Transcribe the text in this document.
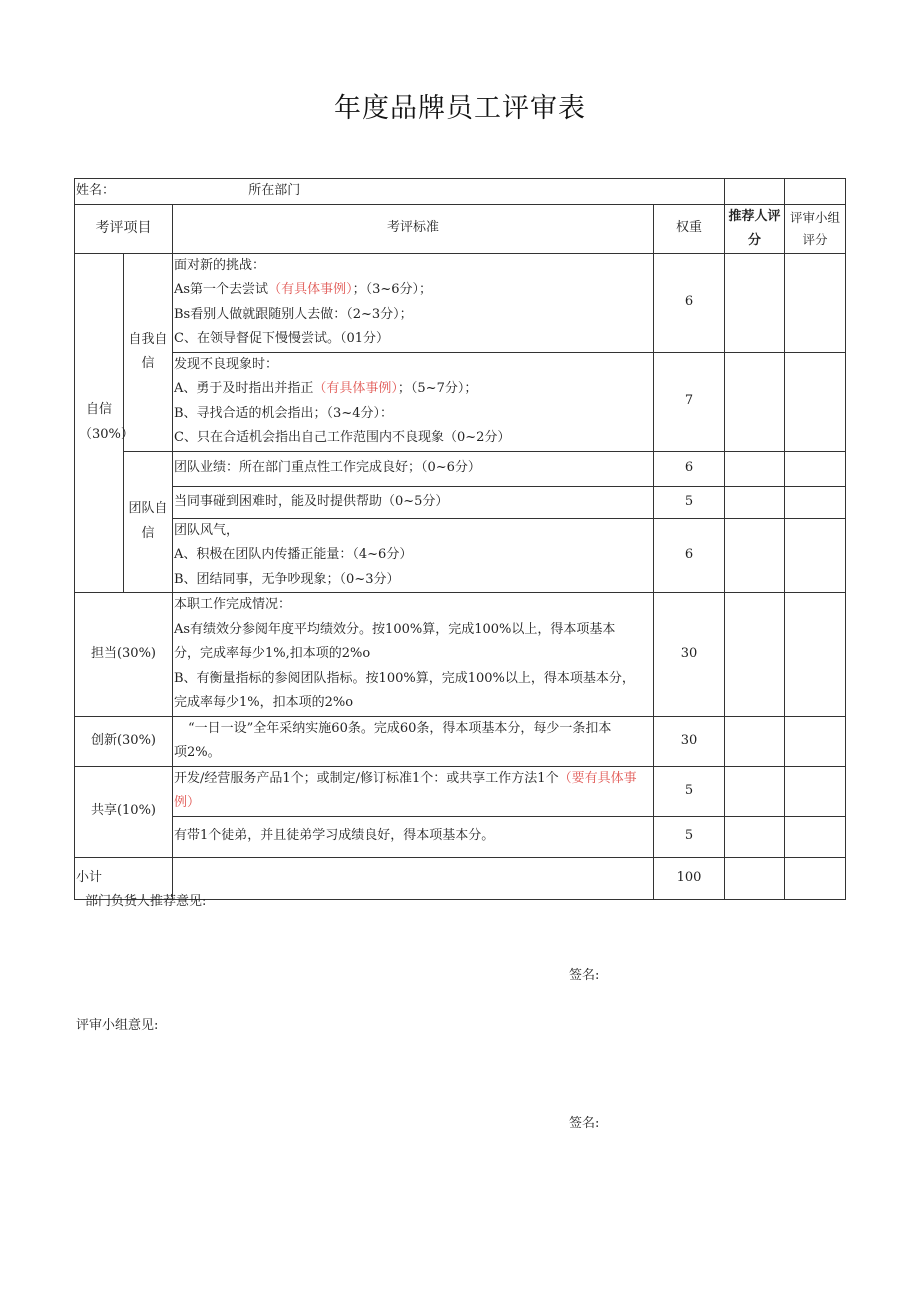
年度品牌员工评审表
姓名： 所在部门					
考评项目		考评标准	权重	推荐人评分	评审小组评分
自信（30%）	自我自信	面对新的挑战：
As第一个去尝试（有具体事例）；（3~6分）；
Bs看别人做就跟随别人去做：（2~3分）；
C、在领导督促下慢慢尝试。（01分）	6		

		发现不良现象时：
A、勇于及时指出并指正（有具体事例）；（5~7分）；
B、寻找合适的机会指出；（3~4分）：
C、只在合适机会指出自己工作范围内不良现象（0~2分）	7		
	团队自信	团队业绩：所在部门重点性工作完成良好；（0~6分）	6		
		当同事碰到困难时，能及时提供帮助（0~5分）	5		

		团队风气，
A、积极在团队内传播正能量：（4~6分）
B、团结同事，无争吵现象；（0~3分）	6		
担当(30%)		本职工作完成情况：
As有绩效分参阅年度平均绩效分。按100%算，完成100%以上，得本项基本
分，完成率每少1%,扣本项的2%o
B、有衡量指标的参阅团队指标。按100%算，完成100%以上，得本项基本分，
完成率每少1%，扣本项的2%o	30		
创新(30%)		“一日一设”全年采纳实施60条。完成60条，得本项基本分，每少一条扣本
项2%。	30		
共享(10%)		开发/经营服务产品1个；或制定/修订标准1个：或共享工作方法1个（要有具体事例）	5		
		有带1个徒弟，并且徒弟学习成绩良好，得本项基本分。	5		
小计			100		
部门负货人推荐意见:
签名:
评审小组意见:
签名:
